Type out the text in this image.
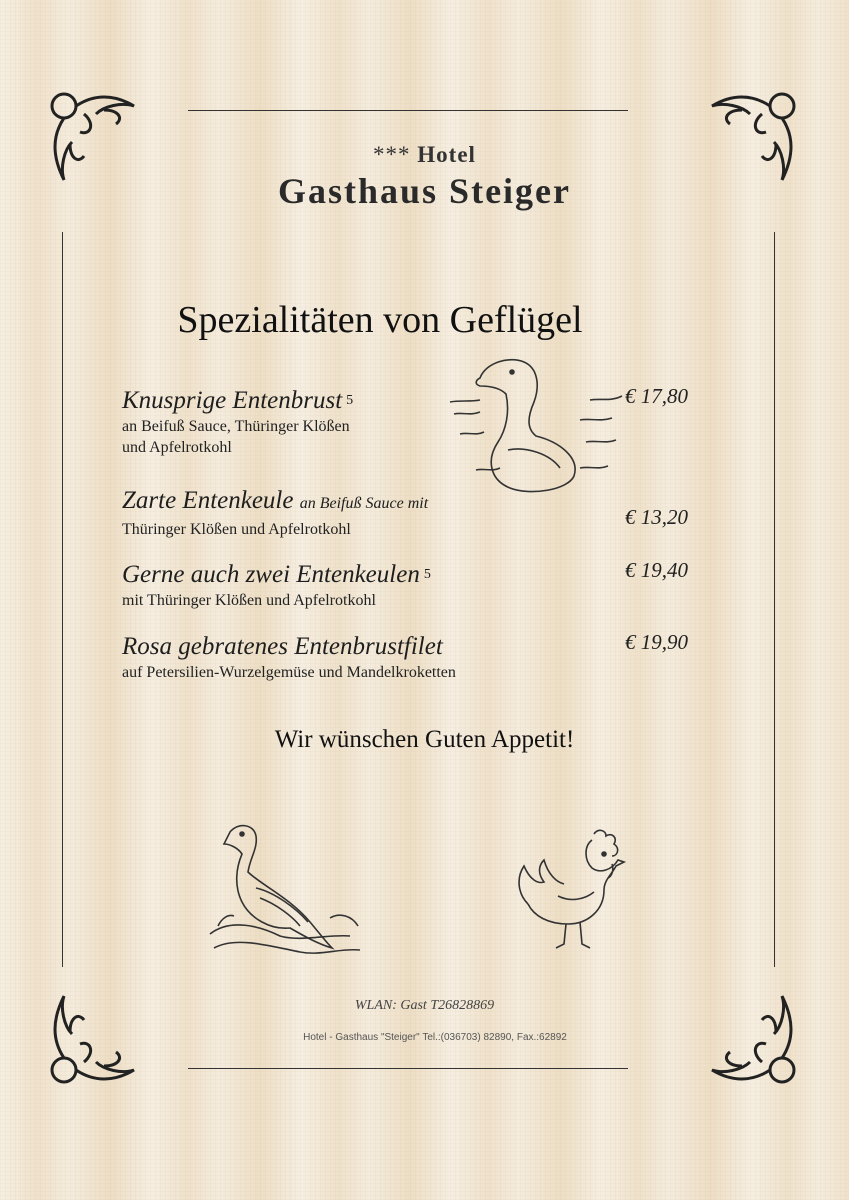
*** Hotel
Gasthaus Steiger
Spezialitäten von Geflügel
Knusprige Entenbrust $^5$
an Beifuß Sauce, Thüringer Klößen
und Apfelrotkohl
€ 17,80
Zarte Entenkeule an Beifuß Sauce mit
Thüringer Klößen und Apfelrotkohl
€ 13,20
Gerne auch zwei Entenkeulen $^5$
mit Thüringer Klößen und Apfelrotkohl
€ 19,40
Rosa gebratenes Entenbrustfilet
auf Petersilien-Wurzelgemüse und Mandelkroketten
€ 19,90
Wir wünschen Guten Appetit!
WLAN: Gast T26828869
Hotel - Gasthaus "Steiger" Tel.:(036703) 82890, Fax.:62892
